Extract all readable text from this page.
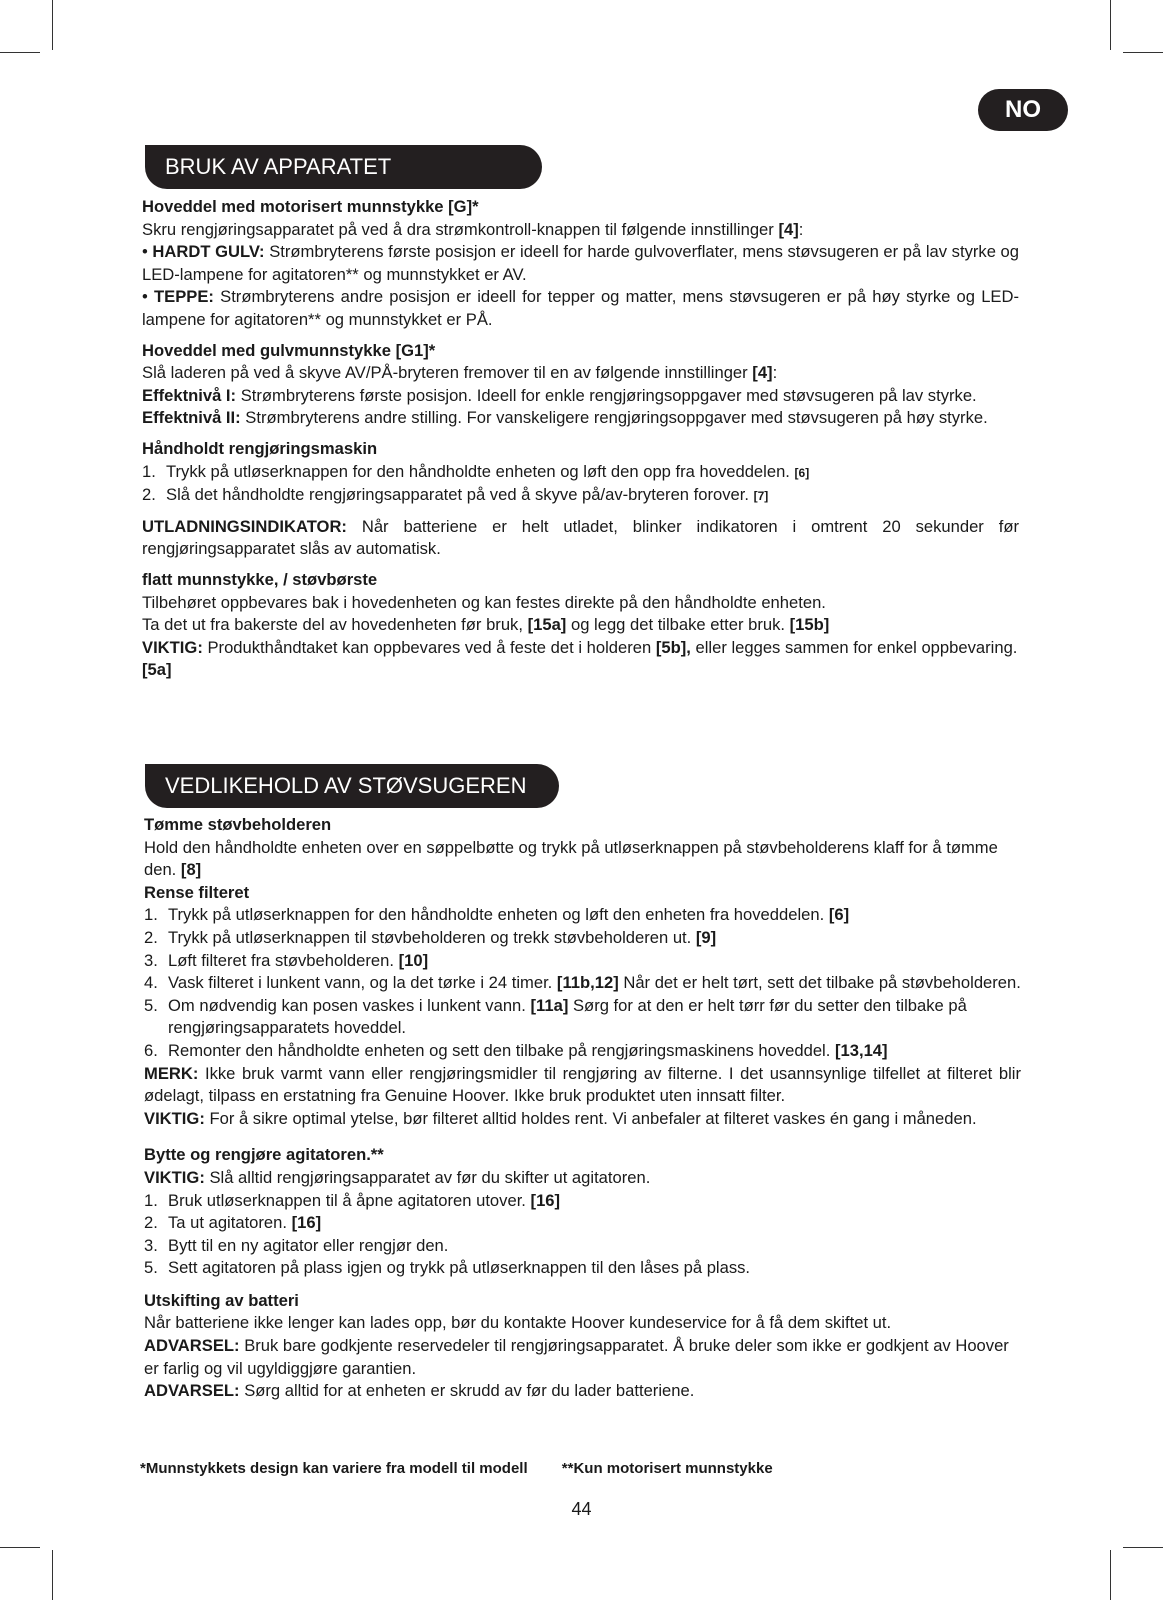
NO
BRUK AV APPARATET

Hoveddel med motorisert munnstykke [G]*

Skru rengjøringsapparatet på ved å dra strømkontroll-knappen til følgende innstillinger [4]:

• HARDT GULV: Strømbryterens første posisjon er ideell for harde gulvoverflater, mens støvsugeren er på lav styrke og LED-lampene for agitatoren** og munnstykket er AV.

• TEPPE: Strømbryterens andre posisjon er ideell for tepper og matter, mens støvsugeren er på høy styrke og LED-lampene for agitatoren** og munnstykket er PÅ.

Hoveddel med gulvmunnstykke [G1]*

Slå laderen på ved å skyve AV/PÅ-bryteren fremover til en av følgende innstillinger [4]:

Effektnivå I: Strømbryterens første posisjon. Ideell for enkle rengjøringsoppgaver med støvsugeren på lav styrke.

Effektnivå II: Strømbryterens andre stilling. For vanskeligere rengjøringsoppgaver med støvsugeren på høy styrke.

Håndholdt rengjøringsmaskin

1. Trykk på utløserknappen for den håndholdte enheten og løft den opp fra hoveddelen. [6]
2. Slå det håndholdte rengjøringsapparatet på ved å skyve på/av-bryteren forover. [7]

UTLADNINGSINDIKATOR: Når batteriene er helt utladet, blinker indikatoren i omtrent 20 sekunder før rengjøringsapparatet slås av automatisk.

flatt munnstykke, / støvbørste

Tilbehøret oppbevares bak i hovedenheten og kan festes direkte på den håndholdte enheten.

Ta det ut fra bakerste del av hovedenheten før bruk, [15a] og legg det tilbake etter bruk. [15b]

VIKTIG: Produkthåndtaket kan oppbevares ved å feste det i holderen [5b], eller legges sammen for enkel oppbevaring. [5a]

VEDLIKEHOLD AV STØVSUGEREN

Tømme støvbeholderen

Hold den håndholdte enheten over en søppelbøtte og trykk på utløserknappen på støvbeholderens klaff for å tømme den. [8]

Rense filteret

1. Trykk på utløserknappen for den håndholdte enheten og løft den enheten fra hoveddelen. [6]
2. Trykk på utløserknappen til støvbeholderen og trekk støvbeholderen ut. [9]
3. Løft filteret fra støvbeholderen. [10]
4. Vask filteret i lunkent vann, og la det tørke i 24 timer. [11b,12] Når det er helt tørt, sett det tilbake på støvbeholderen.
5. Om nødvendig kan posen vaskes i lunkent vann. [11a] Sørg for at den er helt tørr før du setter den tilbake på rengjøringsapparatets hoveddel.
6. Remonter den håndholdte enheten og sett den tilbake på rengjøringsmaskinens hoveddel. [13,14]

MERK: Ikke bruk varmt vann eller rengjøringsmidler til rengjøring av filterne. I det usannsynlige tilfellet at filteret blir ødelagt, tilpass en erstatning fra Genuine Hoover. Ikke bruk produktet uten innsatt filter.

VIKTIG: For å sikre optimal ytelse, bør filteret alltid holdes rent. Vi anbefaler at filteret vaskes én gang i måneden.

Bytte og rengjøre agitatoren.**

VIKTIG: Slå alltid rengjøringsapparatet av før du skifter ut agitatoren.

1. Bruk utløserknappen til å åpne agitatoren utover. [16]
2. Ta ut agitatoren. [16]
3. Bytt til en ny agitator eller rengjør den.
5. Sett agitatoren på plass igjen og trykk på utløserknappen til den låses på plass.

Utskifting av batteri

Når batteriene ikke lenger kan lades opp, bør du kontakte Hoover kundeservice for å få dem skiftet ut.

ADVARSEL: Bruk bare godkjente reservedeler til rengjøringsapparatet. Å bruke deler som ikke er godkjent av Hoover er farlig og vil ugyldiggjøre garantien.

ADVARSEL: Sørg alltid for at enheten er skrudd av før du lader batteriene.

*Munnstykkets design kan variere fra modell til modell **Kun motorisert munnstykke
44
